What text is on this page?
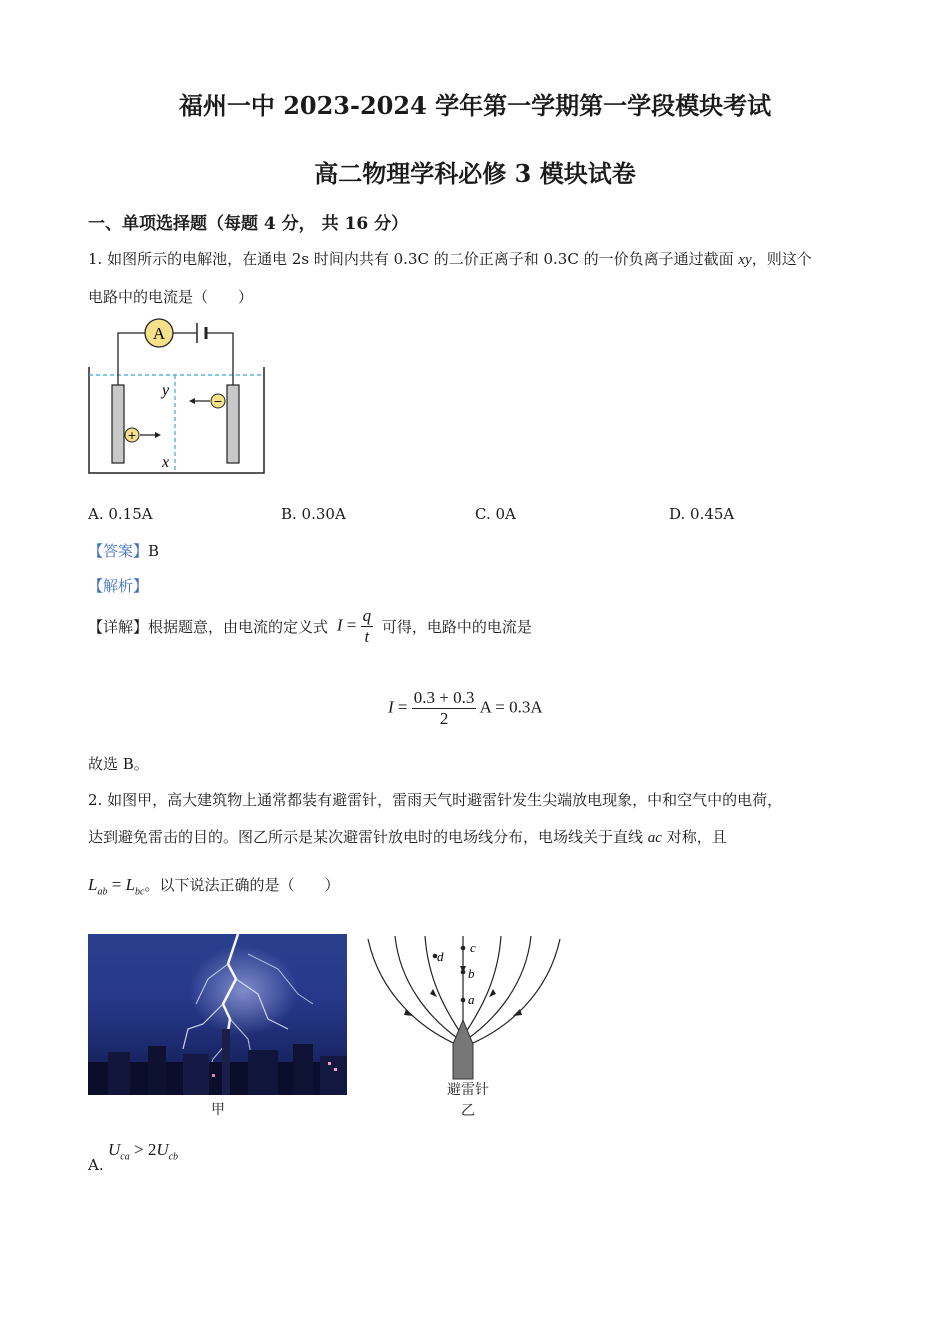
福州一中 2023-2024 学年第一学期第一学段模块考试
高二物理学科必修 3 模块试卷
一、单项选择题（每题 4 分， 共 16 分）
1. 如图所示的电解池，在通电 2s 时间内共有 0.3C 的二价正离子和 0.3C 的一价负离子通过截面 xy，则这个
电路中的电流是（　　）
A
y
x
+
−
A. 0.15A	B. 0.30A	C. 0A	D. 0.45A
【答案】B
【解析】
【详解】根据题意，由电流的定义式 $I = \frac{q}{t}$ 可得，电路中的电流是
$I = \frac{0.3 + 0.3}{2}$ A = 0.3A
故选 B。
2. 如图甲，高大建筑物上通常都装有避雷针，雷雨天气时避雷针发生尖端放电现象，中和空气中的电荷，
达到避免雷击的目的。图乙所示是某次避雷针放电时的电场线分布，电场线关于直线 ac 对称，且
$L_{ab} = L_{bc}$。以下说法正确的是（　　）
甲
c
b
a
d
避雷针
乙
A.
$U_{ca} > 2U_{cb}$
